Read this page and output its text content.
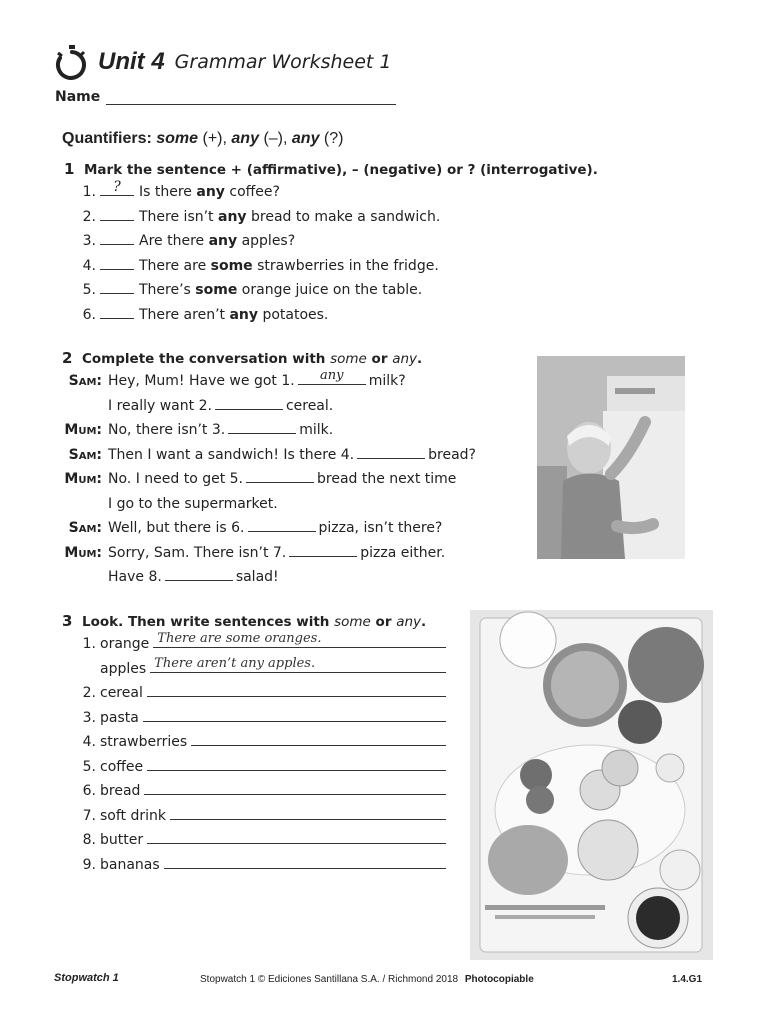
Unit 4 Grammar Worksheet 1
Name
Quantifiers: some (+), any (–), any (?)
1 Mark the sentence + (affirmative), – (negative) or ? (interrogative).
1.	?	Is there any coffee?
2.	There isn’t any bread to make a sandwich.
3.	Are there any apples?
4.	There are some strawberries in the fridge.
5.	There’s some orange juice on the table.
6.	There aren’t any potatoes.
2 Complete the conversation with some or any.
Sam: Hey, Mum! Have we got 1.	any	milk?
I really want 2.	cereal.
Mum: No, there isn’t 3.	milk.
Sam: Then I want a sandwich! Is there 4.	bread?
Mum: No. I need to get 5.	bread the next time
I go to the supermarket.
Sam: Well, but there is 6.	pizza, isn’t there?
Mum: Sorry, Sam. There isn’t 7.	pizza either.
Have 8.	salad!
3 Look. Then write sentences with some or any.
1. orange There are some oranges.
apples There aren’t any apples.
2. cereal
3. pasta
4. strawberries
5. coffee
6. bread
7. soft drink
8. butter
9. bananas
Stopwatch 1	Stopwatch 1 © Ediciones Santillana S.A. / Richmond 2018 Photocopiable	1.4.G1
